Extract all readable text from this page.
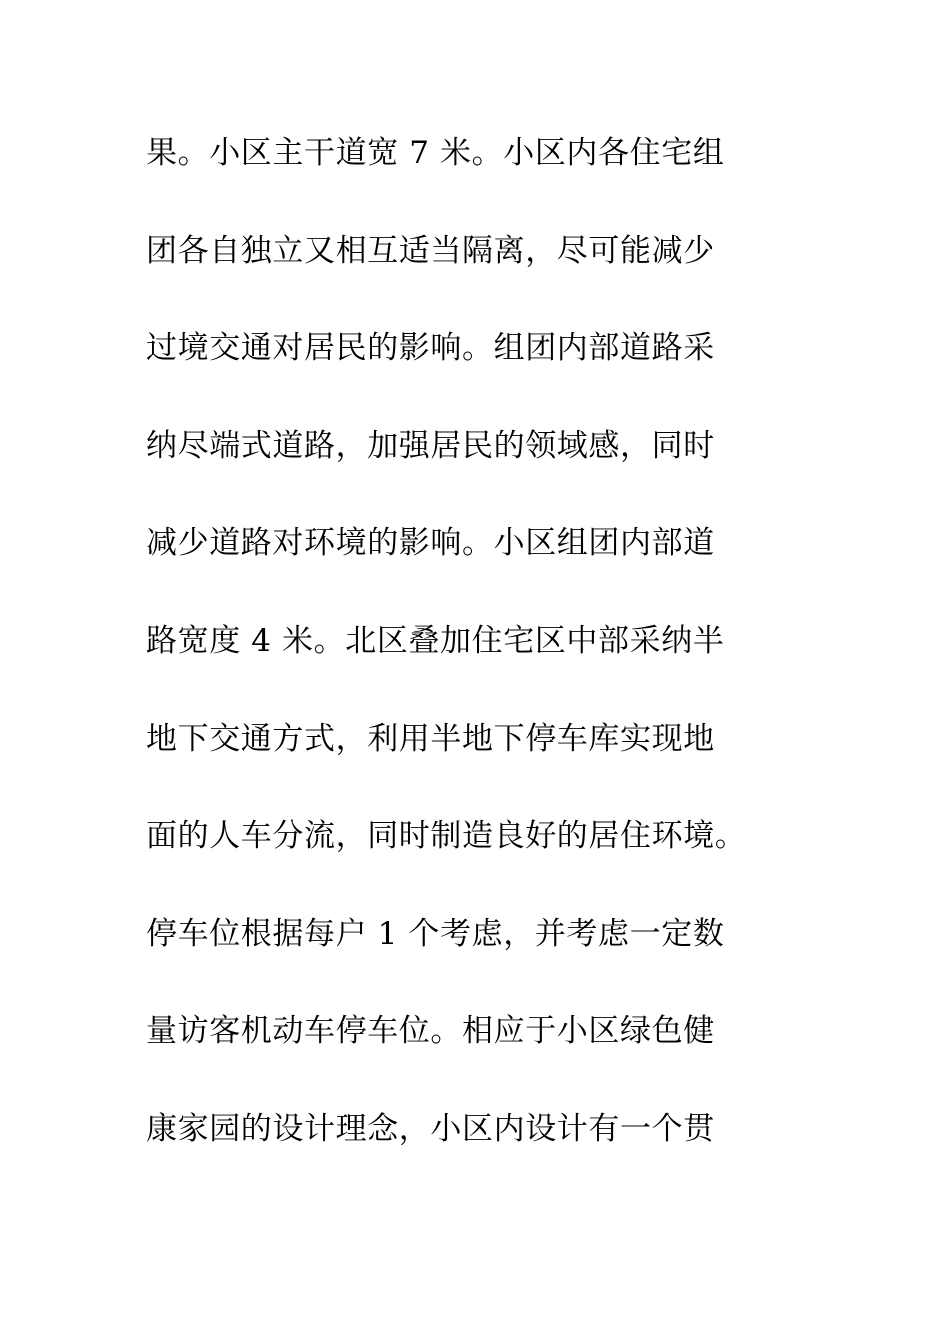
果。小区主干道宽 7 米。小区内各住宅组
团各自独立又相互适当隔离，尽可能减少
过境交通对居民的影响。组团内部道路采
纳尽端式道路，加强居民的领域感，同时
减少道路对环境的影响。小区组团内部道
路宽度 4 米。北区叠加住宅区中部采纳半
地下交通方式，利用半地下停车库实现地
面的人车分流，同时制造良好的居住环境。
停车位根据每户 1 个考虑，并考虑一定数
量访客机动车停车位。相应于小区绿色健
康家园的设计理念，小区内设计有一个贯
